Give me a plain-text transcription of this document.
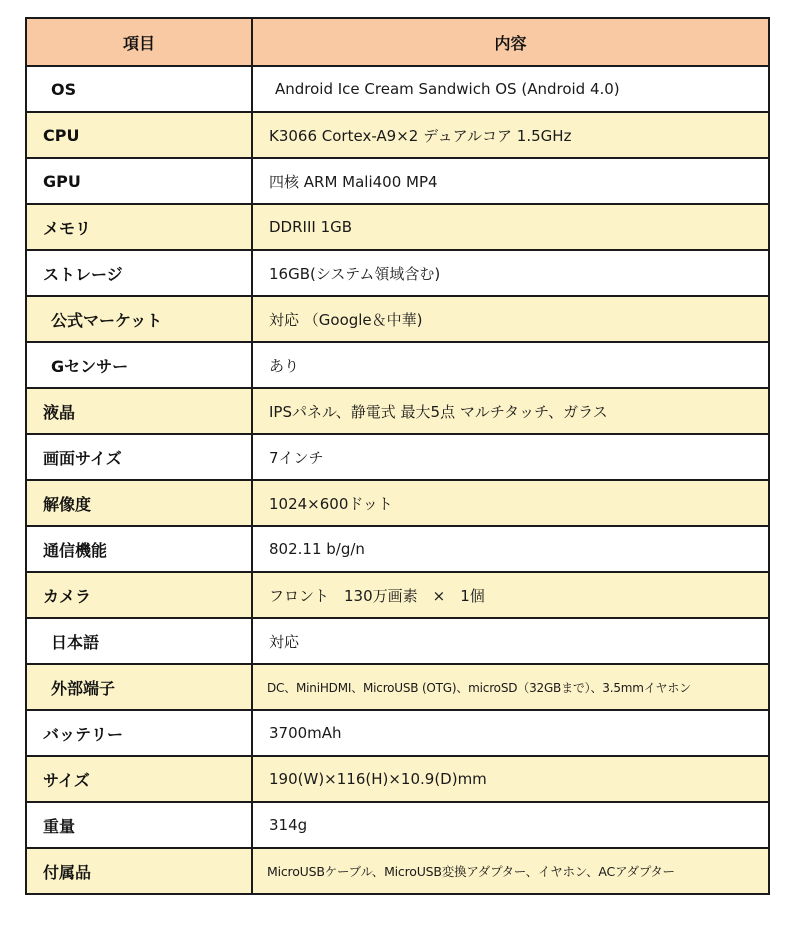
項目	内容
OS	Android Ice Cream Sandwich OS (Android 4.0)
CPU	K3066 Cortex-A9×2 デュアルコア 1.5GHz
GPU	四核 ARM Mali400 MP4
メモリ	DDRIII 1GB
ストレージ	16GB(システム領域含む)
公式マーケット	対応 （Google＆中華)
Gセンサー	あり
液晶	IPSパネル、静電式 最大5点 マルチタッチ、ガラス
画面サイズ	7インチ
解像度	1024×600ドット
通信機能	802.11 b/g/n
カメラ	フロント　130万画素　×　1個
日本語	対応
外部端子	DC、MiniHDMI、MicroUSB (OTG)、microSD（32GBまで）、3.5mmイヤホン
バッテリー	3700mAh
サイズ	190(W)×116(H)×10.9(D)mm
重量	314g
付属品	MicroUSBケーブル、MicroUSB変換アダプター、イヤホン、ACアダプター
